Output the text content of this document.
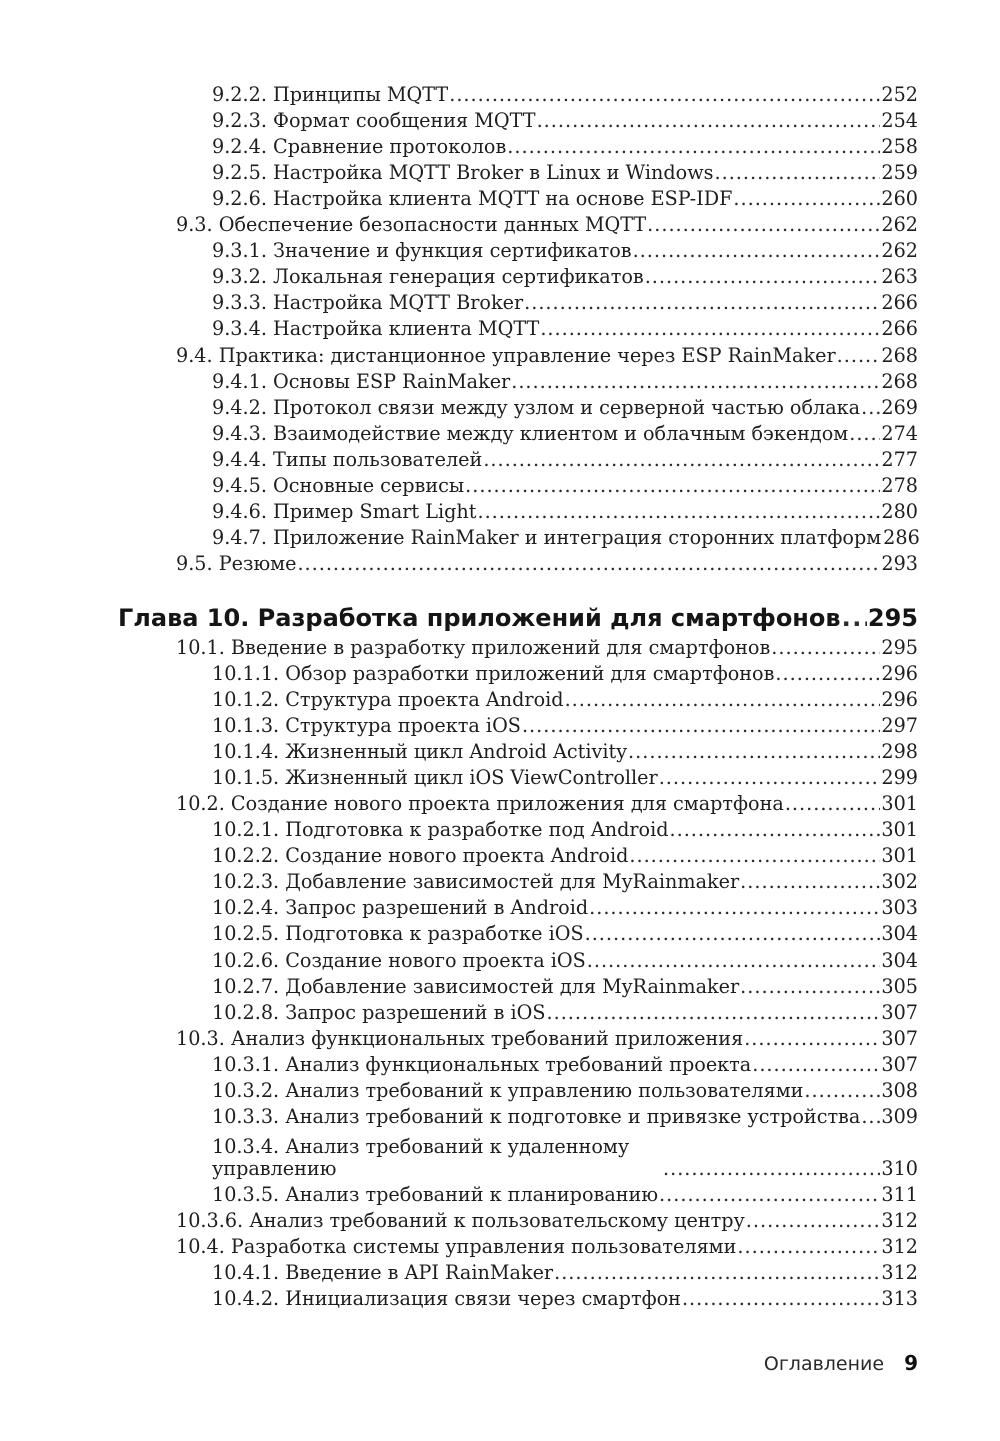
9.2.2. Принципы MQTT .....	252
9.2.3. Формат сообщения MQTT .....	254
9.2.4. Сравнение протоколов .....	258
9.2.5. Настройка MQTT Broker в Linux и Windows .....	259
9.2.6. Настройка клиента MQTT на основе ESP-IDF .....	260
9.3. Обеспечение безопасности данных MQTT .....	262
9.3.1. Значение и функция сертификатов .....	262
9.3.2. Локальная генерация сертификатов .....	263
9.3.3. Настройка MQTT Broker .....	266
9.3.4. Настройка клиента MQTT .....	266
9.4. Практика: дистанционное управление через ESP RainMaker ..... 268
9.4.1. Основы ESP RainMaker .....	268
9.4.2. Протокол связи между узлом и серверной частью облака ..... 269
9.4.3. Взаимодействие между клиентом и облачным бэкендом ..... 274
9.4.4. Типы пользователей .....	277
9.4.5. Основные сервисы .....	278
9.4.6. Пример Smart Light .....	280
9.4.7. Приложение RainMaker и интеграция сторонних платформ 286
9.5. Резюме .....	293
Глава 10. Разработка приложений для смартфонов ..... 295
10.1. Введение в разработку приложений для смартфонов .....	295
10.1.1. Обзор разработки приложений для смартфонов .....	296
10.1.2. Структура проекта Android .....	296
10.1.3. Структура проекта iOS .....	297
10.1.4. Жизненный цикл Android Activity .....	298
10.1.5. Жизненный цикл iOS ViewController .....	299
10.2. Создание нового проекта приложения для смартфона .....	301
10.2.1. Подготовка к разработке под Android .....	301
10.2.2. Создание нового проекта Android .....	301
10.2.3. Добавление зависимостей для MyRainmaker .....	302
10.2.4. Запрос разрешений в Android .....	303
10.2.5. Подготовка к разработке iOS .....	304
10.2.6. Создание нового проекта iOS .....	304
10.2.7. Добавление зависимостей для MyRainmaker .....	305
10.2.8. Запрос разрешений в iOS .....	307
10.3. Анализ функциональных требований приложения .....	307
10.3.1. Анализ функциональных требований проекта .....	307
10.3.2. Анализ требований к управлению пользователями .....	308
10.3.3. Анализ требований к подготовке и привязке устройства ..... 309
10.3.4. Анализ требований к удаленному управлению .....	310
10.3.5. Анализ требований к планированию .....	311
10.3.6. Анализ требований к пользовательскому центру .....	312
10.4. Разработка системы управления пользователями .....	312
10.4.1. Введение в API RainMaker .....	312
10.4.2. Инициализация связи через смартфон .....	313
Оглавление 9
